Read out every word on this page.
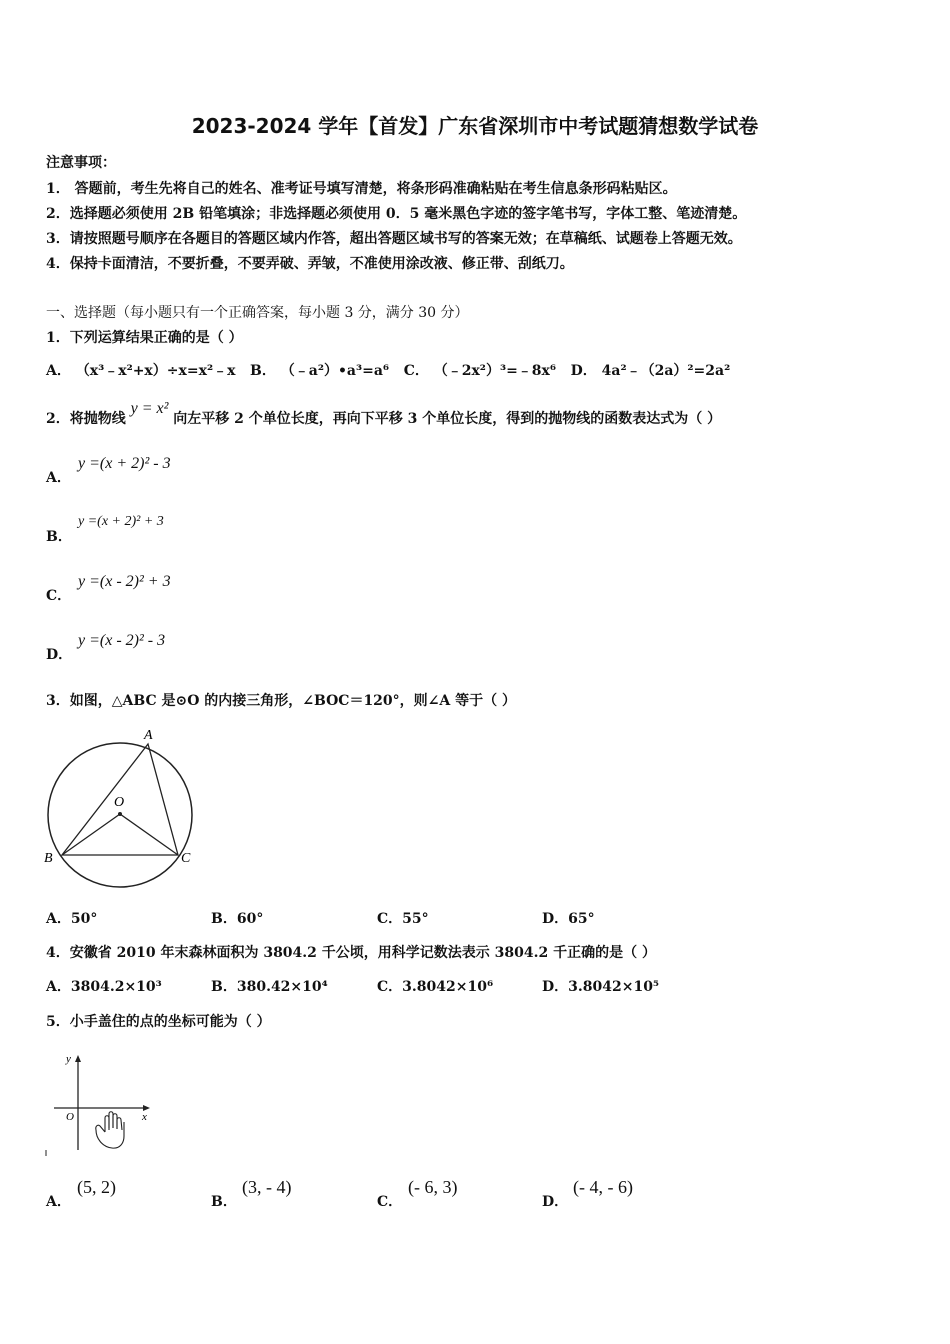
2023-2024 学年【首发】广东省深圳市中考试题猜想数学试卷
注意事项：
1． 答题前，考生先将自己的姓名、准考证号填写清楚，将条形码准确粘贴在考生信息条形码粘贴区。
2．选择题必须使用 2B 铅笔填涂；非选择题必须使用 0．5 毫米黑色字迹的签字笔书写，字体工整、笔迹清楚。
3．请按照题号顺序在各题目的答题区域内作答，超出答题区域书写的答案无效；在草稿纸、试题卷上答题无效。
4．保持卡面清洁，不要折叠，不要弄破、弄皱，不准使用涂改液、修正带、刮纸刀。
一、选择题（每小题只有一个正确答案，每小题 3 分，满分 30 分）
1．下列运算结果正确的是（ ）
A． （x³﹣x²+x）÷x=x²﹣x B． （﹣a²）•a³=a⁶ C． （﹣2x²）³=﹣8x⁶ D． 4a²﹣（2a）²=2a²
2．将抛物线 y = x² 向左平移 2 个单位长度，再向下平移 3 个单位长度，得到的抛物线的函数表达式为（ ）
A．
y =(x + 2)² - 3
B．
y =(x + 2)² + 3
C．
y =(x - 2)² + 3
D．
y =(x - 2)² - 3
3．如图，△ABC 是⊙O 的内接三角形，∠BOC＝120°，则∠A 等于（ ）
A
O
B	C
A．50°	B．60°	C．55°	D．65°
4．安徽省 2010 年末森林面积为 3804.2 千公顷，用科学记数法表示 3804.2 千正确的是（ ）
A．3804.2×10³	B．380.42×10⁴	C．3.8042×10⁶	D．3.8042×10⁵
5．小手盖住的点的坐标可能为（ ）
y
x
O
A．
(5, 2)
B．
(3, - 4)
C．
(- 6, 3)
D．
(- 4, - 6)
